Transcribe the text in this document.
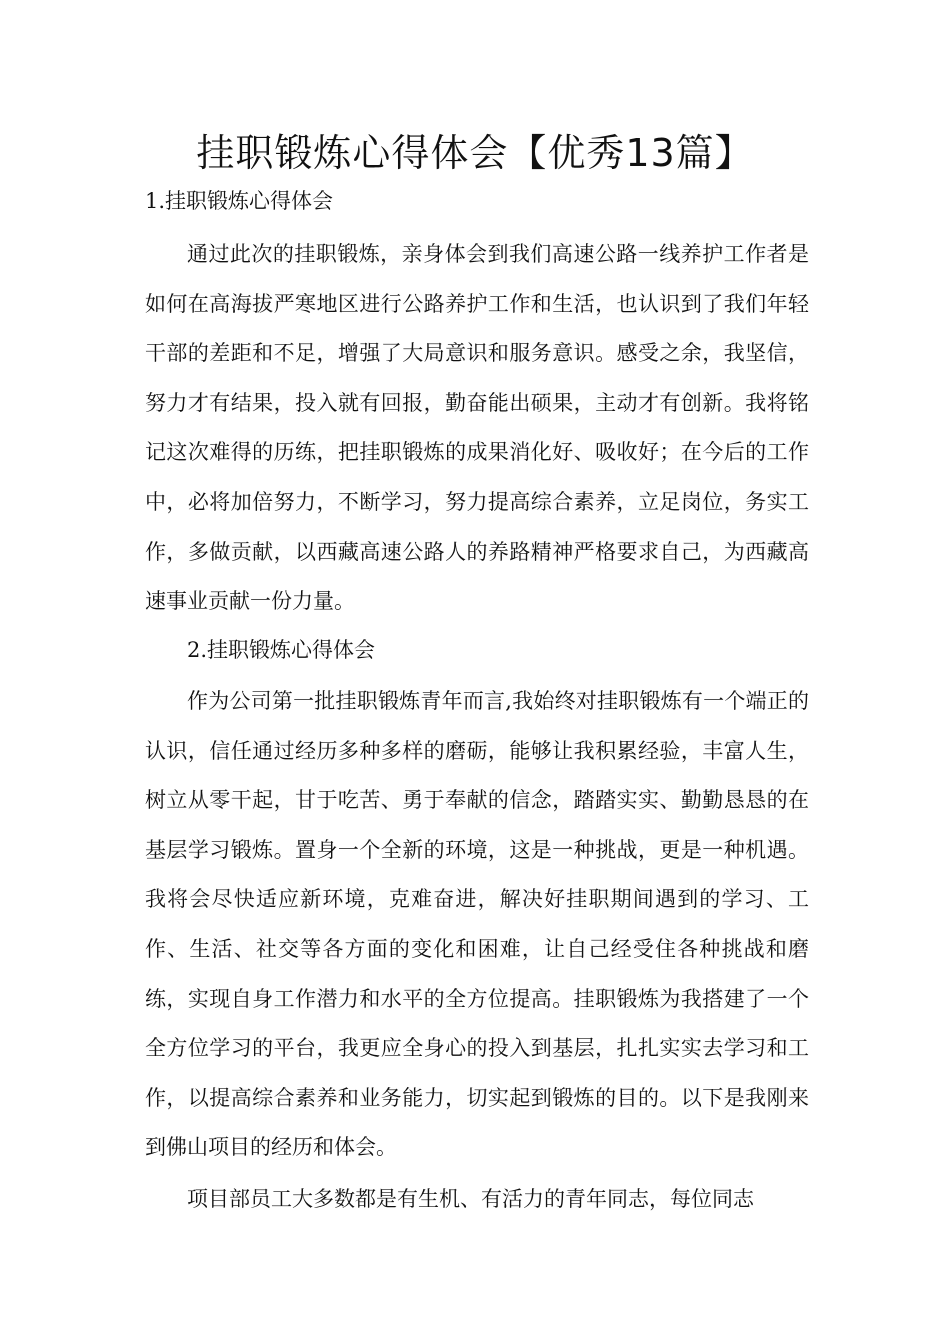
挂职锻炼心得体会【优秀13篇】
1.挂职锻炼心得体会

通过此次的挂职锻炼，亲身体会到我们高速公路一线养护工作者是如何在高海拔严寒地区进行公路养护工作和生活，也认识到了我们年轻干部的差距和不足，增强了大局意识和服务意识。感受之余，我坚信，努力才有结果，投入就有回报，勤奋能出硕果，主动才有创新。我将铭记这次难得的历练，把挂职锻炼的成果消化好、吸收好；在今后的工作中，必将加倍努力，不断学习，努力提高综合素养，立足岗位，务实工作，多做贡献，以西藏高速公路人的养路精神严格要求自己，为西藏高速事业贡献一份力量。

2.挂职锻炼心得体会

作为公司第一批挂职锻炼青年而言,我始终对挂职锻炼有一个端正的认识，信任通过经历多种多样的磨砺，能够让我积累经验，丰富人生，树立从零干起，甘于吃苦、勇于奉献的信念，踏踏实实、勤勤恳恳的在基层学习锻炼。置身一个全新的环境，这是一种挑战，更是一种机遇。我将会尽快适应新环境，克难奋进，解决好挂职期间遇到的学习、工作、生活、社交等各方面的变化和困难，让自己经受住各种挑战和磨练，实现自身工作潜力和水平的全方位提高。挂职锻炼为我搭建了一个全方位学习的平台，我更应全身心的投入到基层，扎扎实实去学习和工作，以提高综合素养和业务能力，切实起到锻炼的目的。以下是我刚来到佛山项目的经历和体会。

项目部员工大多数都是有生机、有活力的青年同志，每位同志
